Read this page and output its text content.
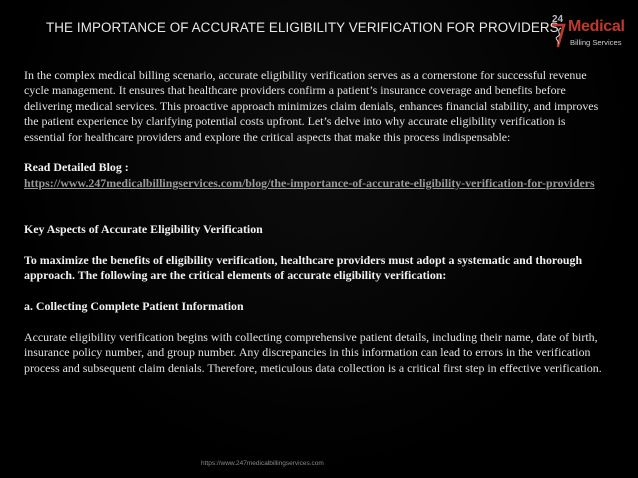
THE IMPORTANCE OF ACCURATE ELIGIBILITY VERIFICATION FOR PROVIDERS
24 Medical
Billing Services

In the complex medical billing scenario, accurate eligibility verification serves as a cornerstone for successful revenue cycle management. It ensures that healthcare providers confirm a patient’s insurance coverage and benefits before delivering medical services. This proactive approach minimizes claim denials, enhances financial stability, and improves the patient experience by clarifying potential costs upfront. Let’s delve into why accurate eligibility verification is essential for healthcare providers and explore the critical aspects that make this process indispensable:

Read Detailed Blog :

https://www.247medicalbillingservices.com/blog/the-importance-of-accurate-eligibility-verification-for-providers

Key Aspects of Accurate Eligibility Verification

To maximize the benefits of eligibility verification, healthcare providers must adopt a systematic and thorough approach. The following are the critical elements of accurate eligibility verification:

a. Collecting Complete Patient Information

Accurate eligibility verification begins with collecting comprehensive patient details, including their name, date of birth, insurance policy number, and group number. Any discrepancies in this information can lead to errors in the verification process and subsequent claim denials. Therefore, meticulous data collection is a critical first step in effective verification.

https://www.247medicalbillingservices.com
